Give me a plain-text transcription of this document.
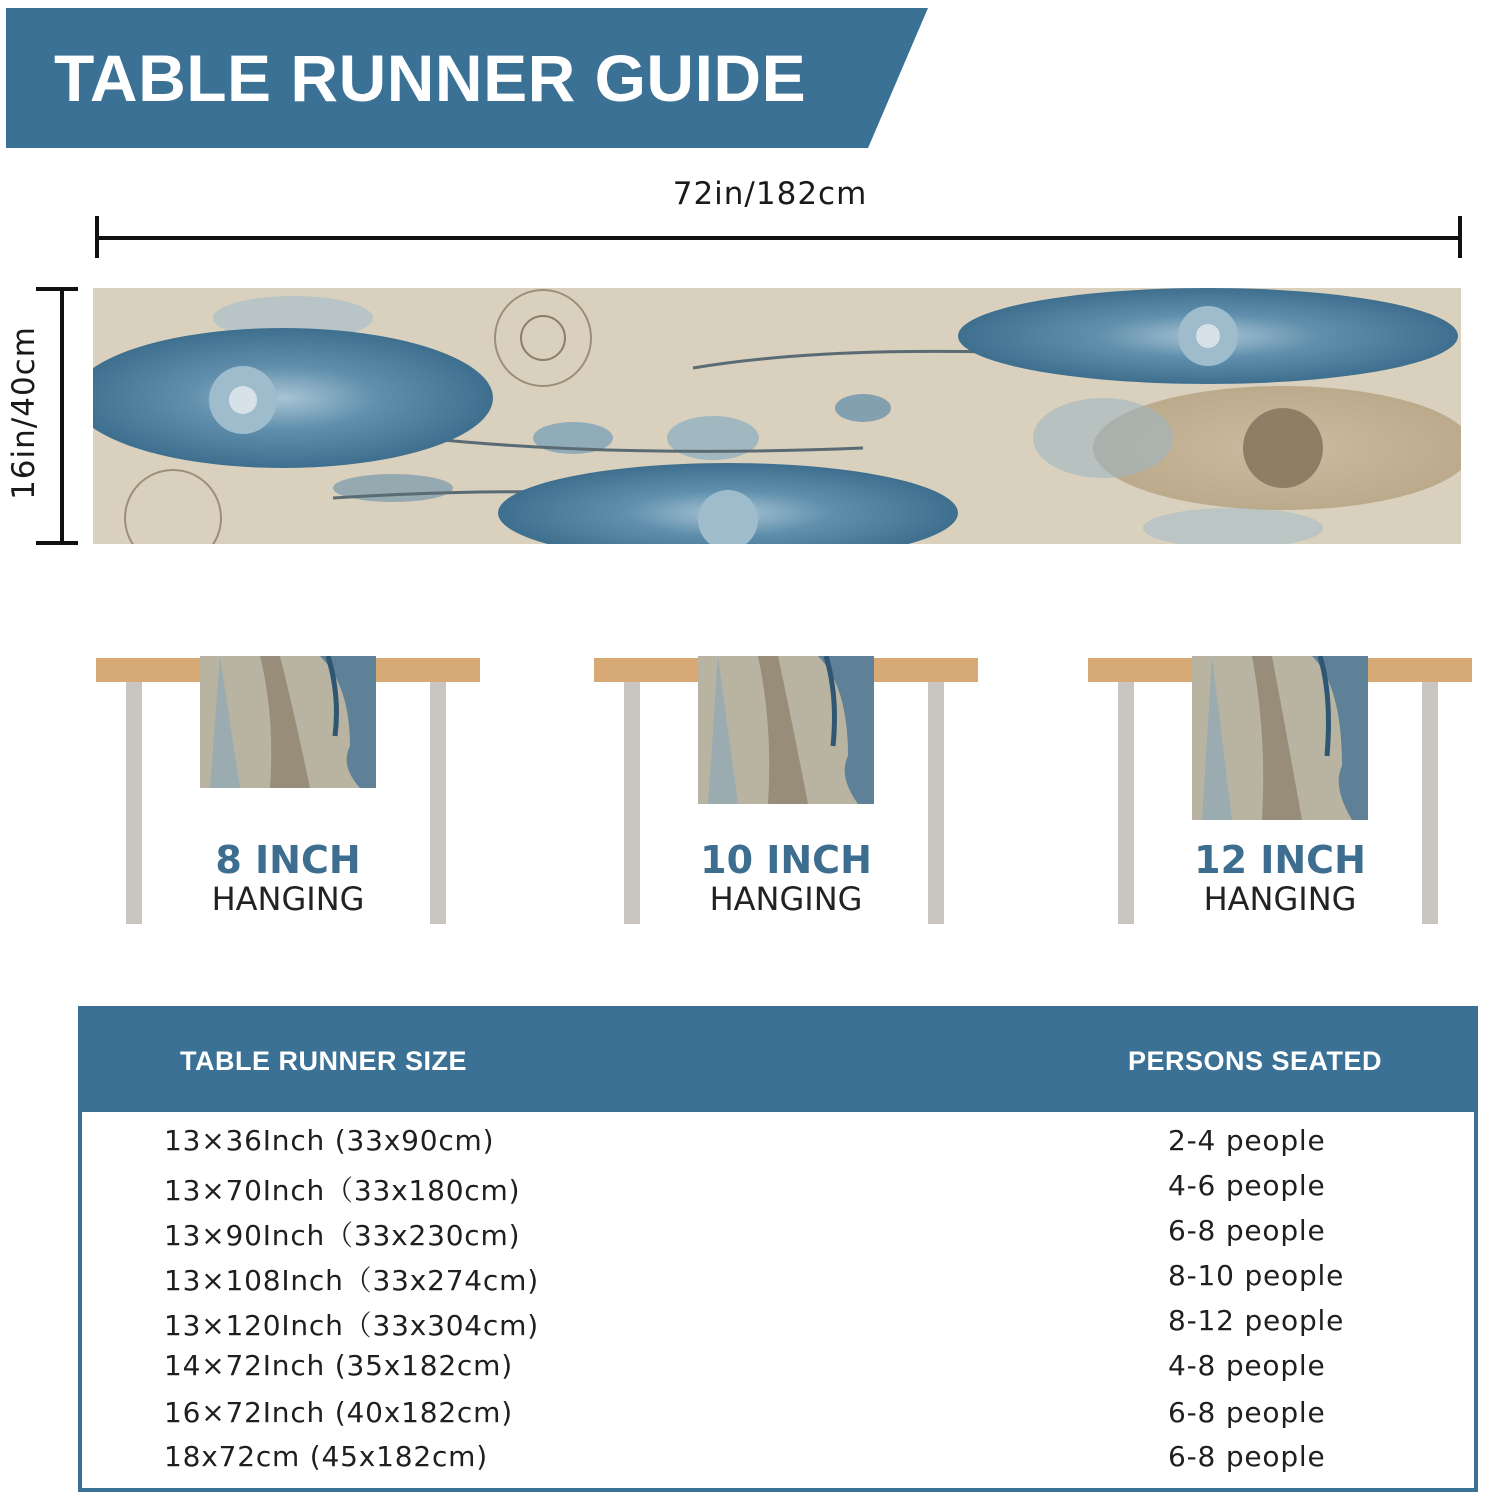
TABLE RUNNER GUIDE
72in/182cm
16in/40cm
8 INCH
HANGING
10 INCH
HANGING
12 INCH
HANGING
TABLE RUNNER SIZE	PERSONS SEATED
13×36Inch (33x90cm)	2-4 people
13×70Inch（33x180cm)	4-6 people
13×90Inch（33x230cm)	6-8 people
13×108Inch（33x274cm)	8-10 people
13×120Inch（33x304cm)	8-12 people
14×72Inch (35x182cm)	4-8 people
16×72Inch (40x182cm)	6-8 people
18x72cm (45x182cm)	6-8 people
